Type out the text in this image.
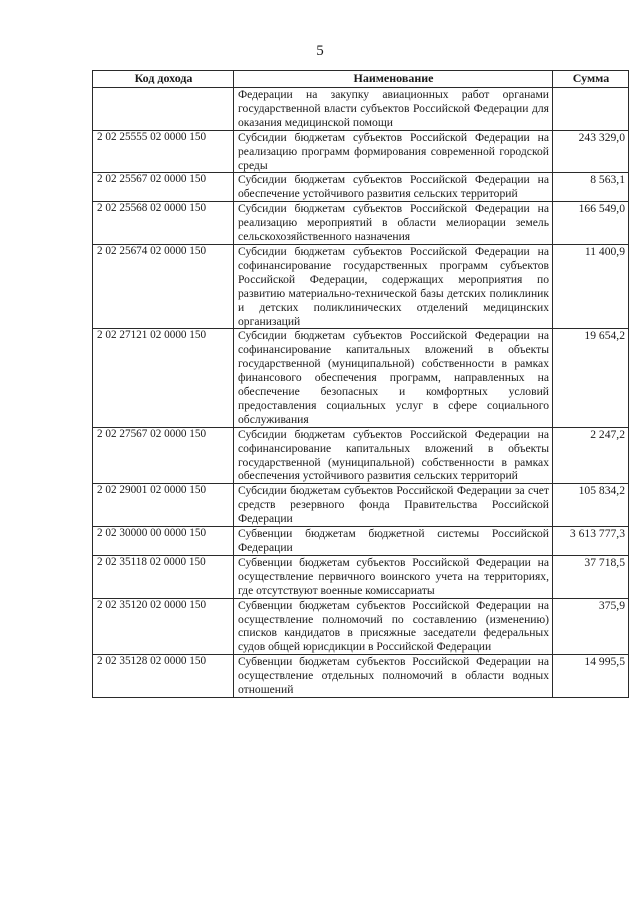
5
Код дохода	Наименование	Сумма
	Федерации на закупку авиационных работ органами государственной власти субъектов Российской Федерации для оказания медицинской помощи	
2 02 25555 02 0000 150	Субсидии бюджетам субъектов Российской Федерации на реализацию программ формирования современной городской среды	243 329,0
2 02 25567 02 0000 150	Субсидии бюджетам субъектов Российской Федерации на обеспечение устойчивого развития сельских территорий	8 563,1
2 02 25568 02 0000 150	Субсидии бюджетам субъектов Российской Федерации на реализацию мероприятий в области мелиорации земель сельскохозяйственного назначения	166 549,0
2 02 25674 02 0000 150	Субсидии бюджетам субъектов Российской Федерации на софинансирование государственных программ субъектов Российской Федерации, содержащих мероприятия по развитию материально-технической базы детских поликлиник и детских поликлинических отделений медицинских организаций	11 400,9
2 02 27121 02 0000 150	Субсидии бюджетам субъектов Российской Федерации на софинансирование капитальных вложений в объекты государственной (муниципальной) собственности в рамках финансового обеспечения программ, направленных на обеспечение безопасных и комфортных условий предоставления социальных услуг в сфере социального обслуживания	19 654,2
2 02 27567 02 0000 150	Субсидии бюджетам субъектов Российской Федерации на софинансирование капитальных вложений в объекты государственной (муниципальной) собственности в рамках обеспечения устойчивого развития сельских территорий	2 247,2
2 02 29001 02 0000 150	Субсидии бюджетам субъектов Российской Федерации за счет средств резервного фонда Правительства Российской Федерации	105 834,2
2 02 30000 00 0000 150	Субвенции бюджетам бюджетной системы Российской Федерации	3 613 777,3
2 02 35118 02 0000 150	Субвенции бюджетам субъектов Российской Федерации на осуществление первичного воинского учета на территориях, где отсутствуют военные комиссариаты	37 718,5
2 02 35120 02 0000 150	Субвенции бюджетам субъектов Российской Федерации на осуществление полномочий по составлению (изменению) списков кандидатов в присяжные заседатели федеральных судов общей юрисдикции в Российской Федерации	375,9
2 02 35128 02 0000 150	Субвенции бюджетам субъектов Российской Федерации на осуществление отдельных полномочий в области водных отношений	14 995,5
